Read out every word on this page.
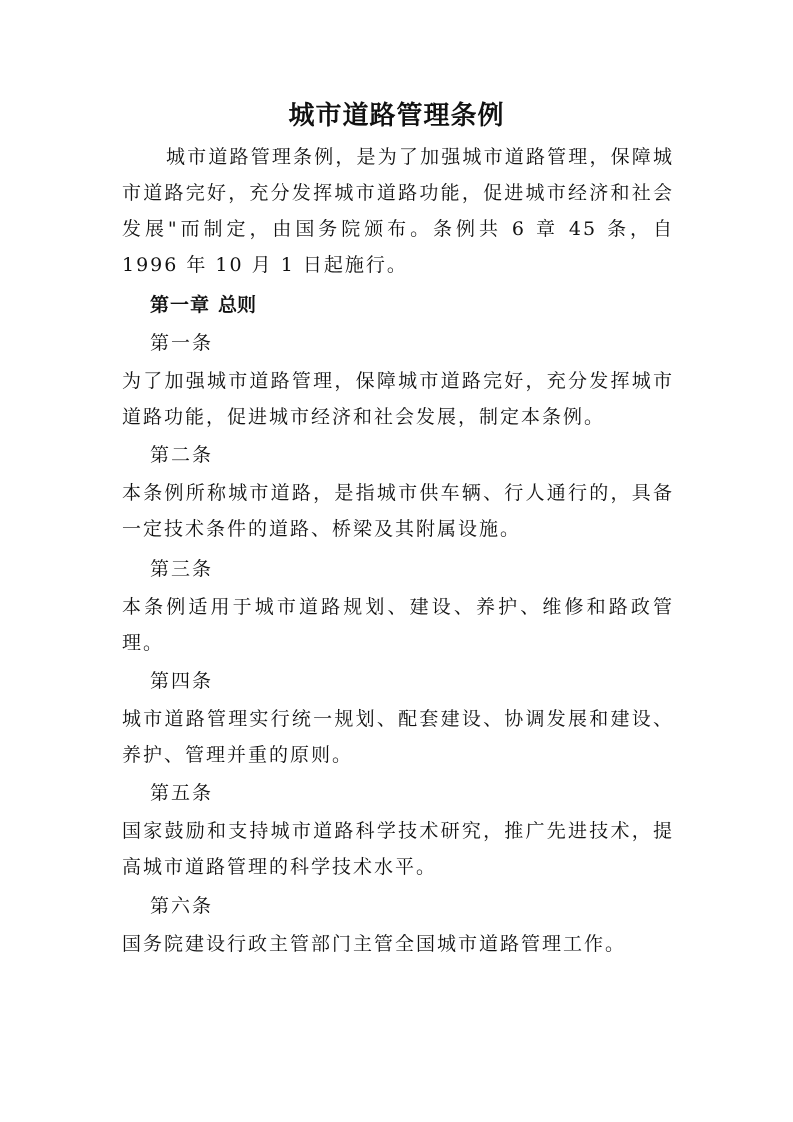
城市道路管理条例

城市道路管理条例，是为了加强城市道路管理，保障城市道路完好，充分发挥城市道路功能，促进城市经济和社会发展"而制定，由国务院颁布。条例共 6 章 45 条，自 1996 年 10 月 1 日起施行。

第一章 总则

第一条

为了加强城市道路管理，保障城市道路完好，充分发挥城市道路功能，促进城市经济和社会发展，制定本条例。

第二条

本条例所称城市道路，是指城市供车辆、行人通行的，具备一定技术条件的道路、桥梁及其附属设施。

第三条

本条例适用于城市道路规划、建设、养护、维修和路政管理。

第四条

城市道路管理实行统一规划、配套建设、协调发展和建设、养护、管理并重的原则。

第五条

国家鼓励和支持城市道路科学技术研究，推广先进技术，提高城市道路管理的科学技术水平。

第六条

国务院建设行政主管部门主管全国城市道路管理工作。
